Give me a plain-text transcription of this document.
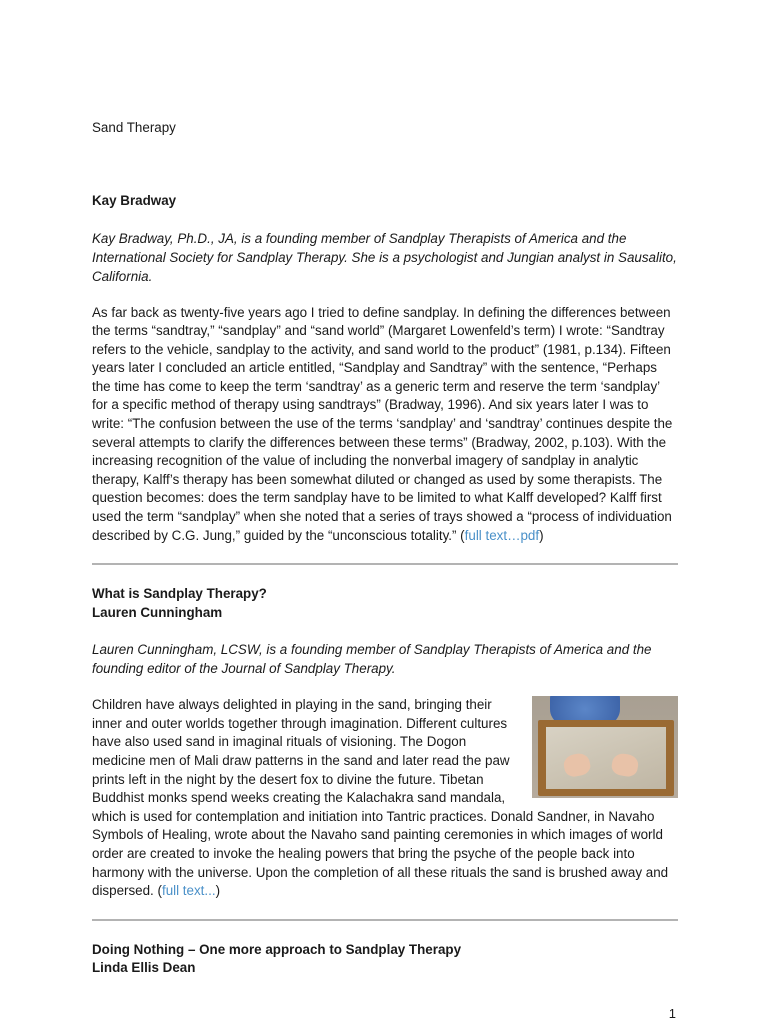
Sand Therapy

Kay Bradway

Kay Bradway, Ph.D., JA, is a founding member of Sandplay Therapists of America and the International Society for Sandplay Therapy. She is a psychologist and Jungian analyst in Sausalito, California.

As far back as twenty-five years ago I tried to define sandplay. In defining the differences between the terms “sandtray,” “sandplay” and “sand world” (Margaret Lowenfeld’s term) I wrote: “Sandtray refers to the vehicle, sandplay to the activity, and sand world to the product” (1981, p.134). Fifteen years later I concluded an article entitled, “Sandplay and Sandtray” with the sentence, “Perhaps the time has come to keep the term ‘sandtray’ as a generic term and reserve the term ‘sandplay’ for a specific method of therapy using sandtrays” (Bradway, 1996). And six years later I was to write: “The confusion between the use of the terms ‘sandplay’ and ‘sandtray’ continues despite the several attempts to clarify the differences between these terms” (Bradway, 2002, p.103). With the increasing recognition of the value of including the nonverbal imagery of sandplay in analytic therapy, Kalff’s therapy has been somewhat diluted or changed as used by some therapists. The question becomes: does the term sandplay have to be limited to what Kalff developed? Kalff first used the term “sandplay” when she noted that a series of trays showed a “process of individuation described by C.G. Jung,” guided by the “unconscious totality.” (full text…pdf)

What is Sandplay Therapy?

Lauren Cunningham

Lauren Cunningham, LCSW, is a founding member of Sandplay Therapists of America and the founding editor of the Journal of Sandplay Therapy.

Children have always delighted in playing in the sand, bringing their inner and outer worlds together through imagination. Different cultures have also used sand in imaginal rituals of visioning. The Dogon medicine men of Mali draw patterns in the sand and later read the paw prints left in the night by the desert fox to divine the future. Tibetan Buddhist monks spend weeks creating the Kalachakra sand mandala, which is used for contemplation and initiation into Tantric practices. Donald Sandner, in Navaho Symbols of Healing, wrote about the Navaho sand painting ceremonies in which images of world order are created to invoke the healing powers that bring the psyche of the people back into harmony with the universe. Upon the completion of all these rituals the sand is brushed away and dispersed. (full text...)

Doing Nothing – One more approach to Sandplay Therapy

Linda Ellis Dean

1
